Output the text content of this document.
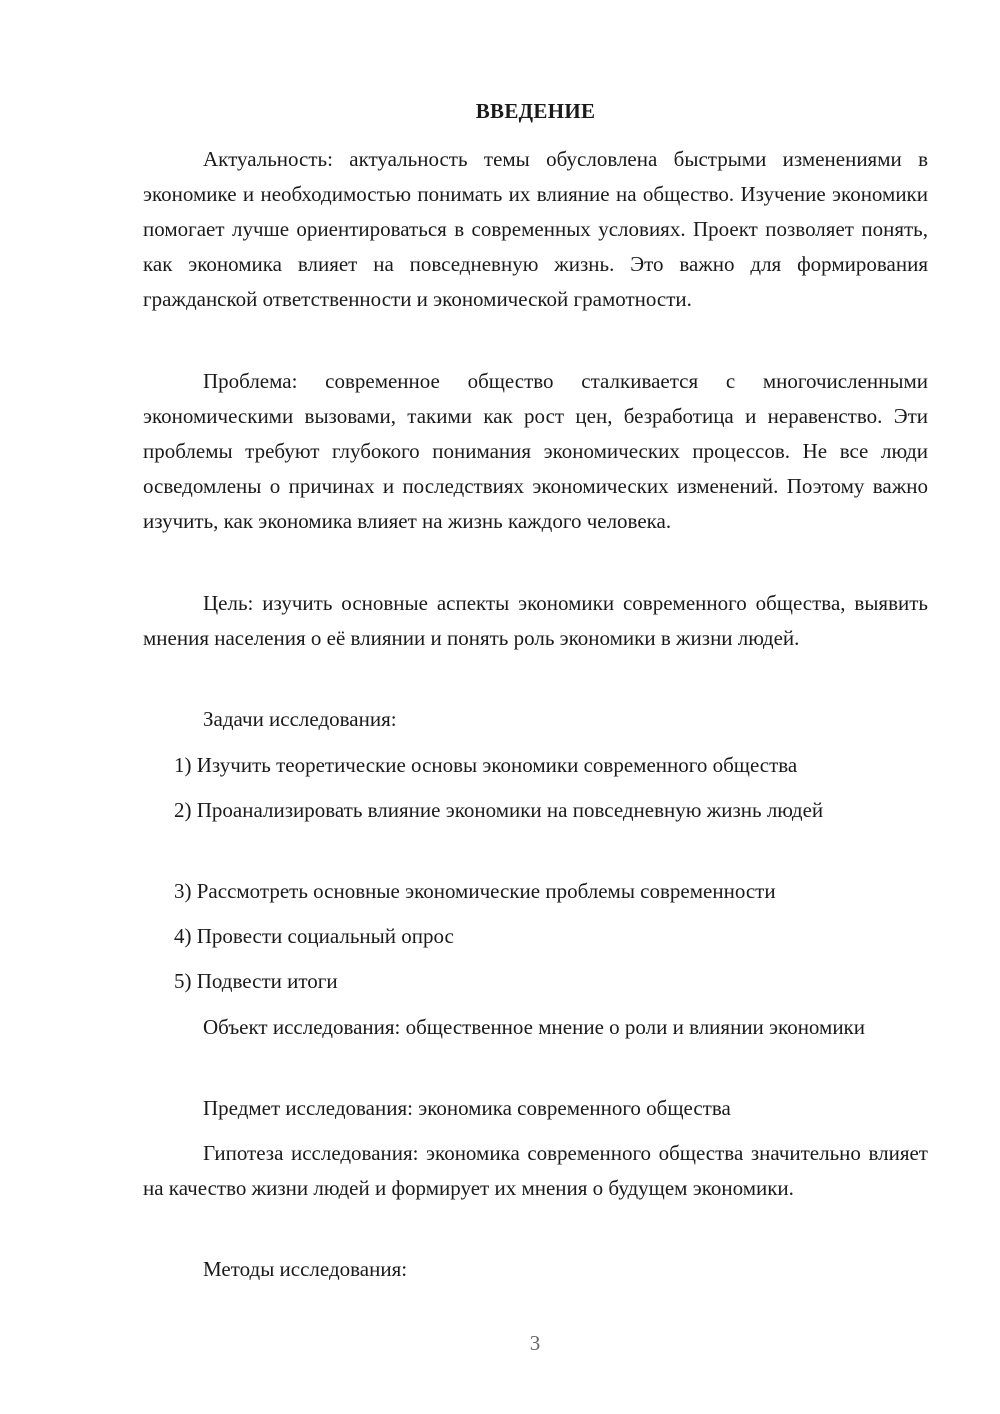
ВВЕДЕНИЕ

Актуальность: актуальность темы обусловлена быстрыми изменениями в экономике и необходимостью понимать их влияние на общество. Изучение экономики помогает лучше ориентироваться в современных условиях. Проект позволяет понять, как экономика влияет на повседневную жизнь. Это важно для формирования гражданской ответственности и экономической грамотности.

Проблема: современное общество сталкивается с многочисленными экономическими вызовами, такими как рост цен, безработица и неравенство. Эти проблемы требуют глубокого понимания экономических процессов. Не все люди осведомлены о причинах и последствиях экономических изменений. Поэтому важно изучить, как экономика влияет на жизнь каждого человека.

Цель: изучить основные аспекты экономики современного общества, выявить мнения населения о её влиянии и понять роль экономики в жизни людей.

Задачи исследования:

1) Изучить теоретические основы экономики современного общества

2) Проанализировать влияние экономики на повседневную жизнь людей

3) Рассмотреть основные экономические проблемы современности

4) Провести социальный опрос

5) Подвести итоги

Объект исследования: общественное мнение о роли и влиянии экономики

Предмет исследования: экономика современного общества

Гипотеза исследования: экономика современного общества значительно влияет на качество жизни людей и формирует их мнения о будущем экономики.

Методы исследования:

3
